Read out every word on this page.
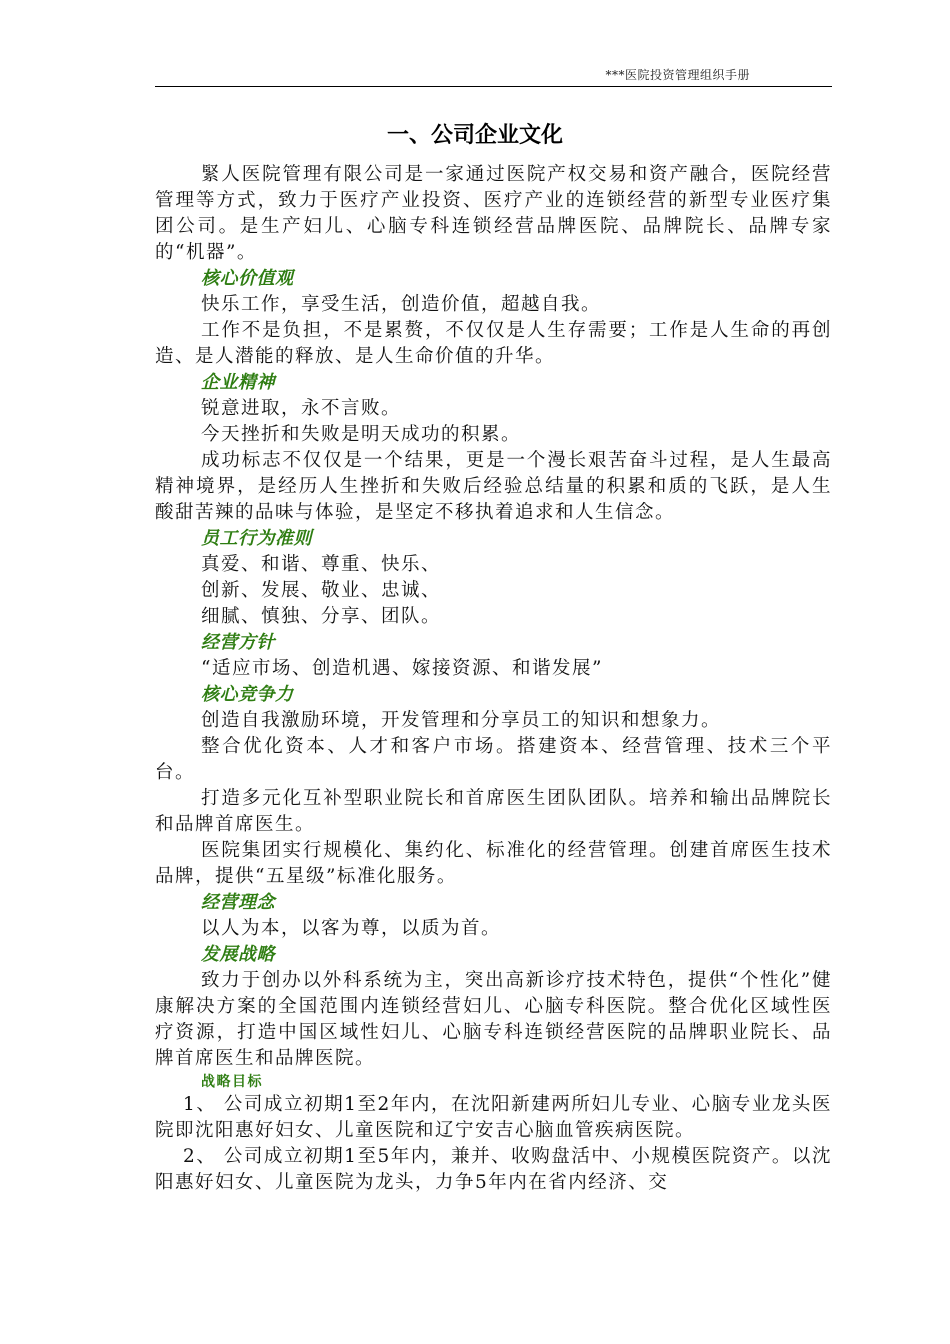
***医院投资管理组织手册
一、公司企业文化

緊人医院管理有限公司是一家通过医院产权交易和资产融合，医院经营管理等方式，致力于医疗产业投资、医疗产业的连锁经营的新型专业医疗集团公司。是生产妇儿、心脑专科连锁经营品牌医院、品牌院长、品牌专家的“机器”。

核心价值观

快乐工作，享受生活，创造价值，超越自我。

工作不是负担，不是累赘，不仅仅是人生存需要；工作是人生命的再创造、是人潜能的释放、是人生命价值的升华。

企业精神

锐意进取，永不言败。

今天挫折和失败是明天成功的积累。

成功标志不仅仅是一个结果，更是一个漫长艰苦奋斗过程，是人生最高精神境界，是经历人生挫折和失败后经验总结量的积累和质的飞跃，是人生酸甜苦辣的品味与体验，是坚定不移执着追求和人生信念。

员工行为准则

真爱、和谐、尊重、快乐、

创新、发展、敬业、忠诚、

细腻、慎独、分享、团队。

经营方针

“适应市场、创造机遇、嫁接资源、和谐发展”

核心竞争力

创造自我激励环境，开发管理和分享员工的知识和想象力。

整合优化资本、人才和客户市场。搭建资本、经营管理、技术三个平台。

打造多元化互补型职业院长和首席医生团队团队。培养和输出品牌院长和品牌首席医生。

医院集团实行规模化、集约化、标准化的经营管理。创建首席医生技术品牌，提供“五星级”标准化服务。

经营理念

以人为本，以客为尊，以质为首。

发展战略

致力于创办以外科系统为主，突出高新诊疗技术特色，提供“个性化”健康解决方案的全国范围内连锁经营妇儿、心脑专科医院。整合优化区域性医疗资源，打造中国区域性妇儿、心脑专科连锁经营医院的品牌职业院长、品牌首席医生和品牌医院。

战略目标

1、 公司成立初期1至2年内，在沈阳新建两所妇儿专业、心脑专业龙头医院即沈阳惠好妇女、儿童医院和辽宁安吉心脑血管疾病医院。

2、 公司成立初期1至5年内，兼并、收购盘活中、小规模医院资产。以沈阳惠好妇女、儿童医院为龙头，力争5年内在省内经济、交
